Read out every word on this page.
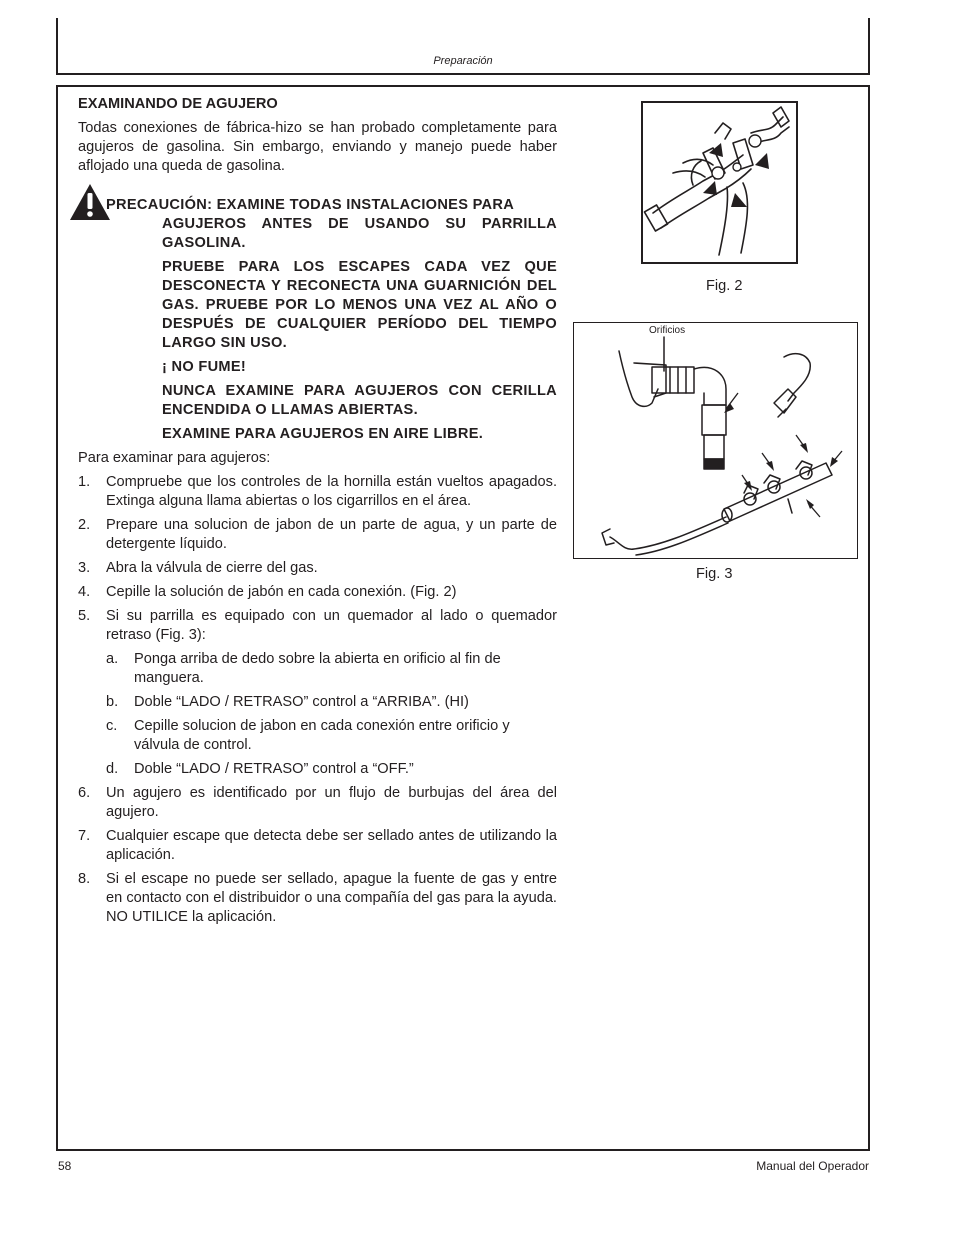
Preparación
EXAMINANDO DE AGUJERO
Todas conexiones de fábrica-hizo se han probado completamente para agujeros de gasolina. Sin embargo, enviando y manejo puede haber aflojado una queda de gasolina.
PRECAUCIÓN: EXAMINE TODAS INSTALACIONES PARA
AGUJEROS ANTES DE USANDO SU PARRILLA GASOLINA.
PRUEBE PARA LOS ESCAPES CADA VEZ QUE DESCONECTA Y RECONECTA UNA GUARNICIÓN DEL GAS. PRUEBE POR LO MENOS UNA VEZ AL AÑO O DESPUÉS DE CUALQUIER PERÍODO DEL TIEMPO LARGO SIN USO.
¡ NO FUME!
NUNCA EXAMINE PARA AGUJEROS CON CERILLA ENCENDIDA O LLAMAS ABIERTAS.
EXAMINE PARA AGUJEROS EN AIRE LIBRE.
Para examinar para agujeros:
1. Compruebe que los controles de la hornilla están vueltos apagados. Extinga alguna llama abiertas o los cigarrillos en el área.
2. Prepare una solucion de jabon de un parte de agua, y un parte de detergente líquido.
3. Abra la válvula de cierre del gas.
4. Cepille la solución de jabón en cada conexión. (Fig. 2)
5. Si su parrilla es equipado con un quemador al lado o quemador retraso (Fig. 3):
a. Ponga arriba de dedo sobre la abierta en orificio al fin de manguera.
b. Doble “LADO / RETRASO” control a “ARRIBA”. (HI)
c. Cepille solucion de jabon en cada conexión entre orificio y válvula de control.
d. Doble “LADO / RETRASO” control a “OFF.”
6. Un agujero es identificado por un flujo de burbujas del área del agujero.
7. Cualquier escape que detecta debe ser sellado antes de utilizando la aplicación.
8. Si el escape no puede ser sellado, apague la fuente de gas y entre en contacto con el distribuidor o una compañía del gas para la ayuda. NO UTILICE la aplicación.
Fig. 2
Orificios
Fig. 3
58	Manual del Operador
